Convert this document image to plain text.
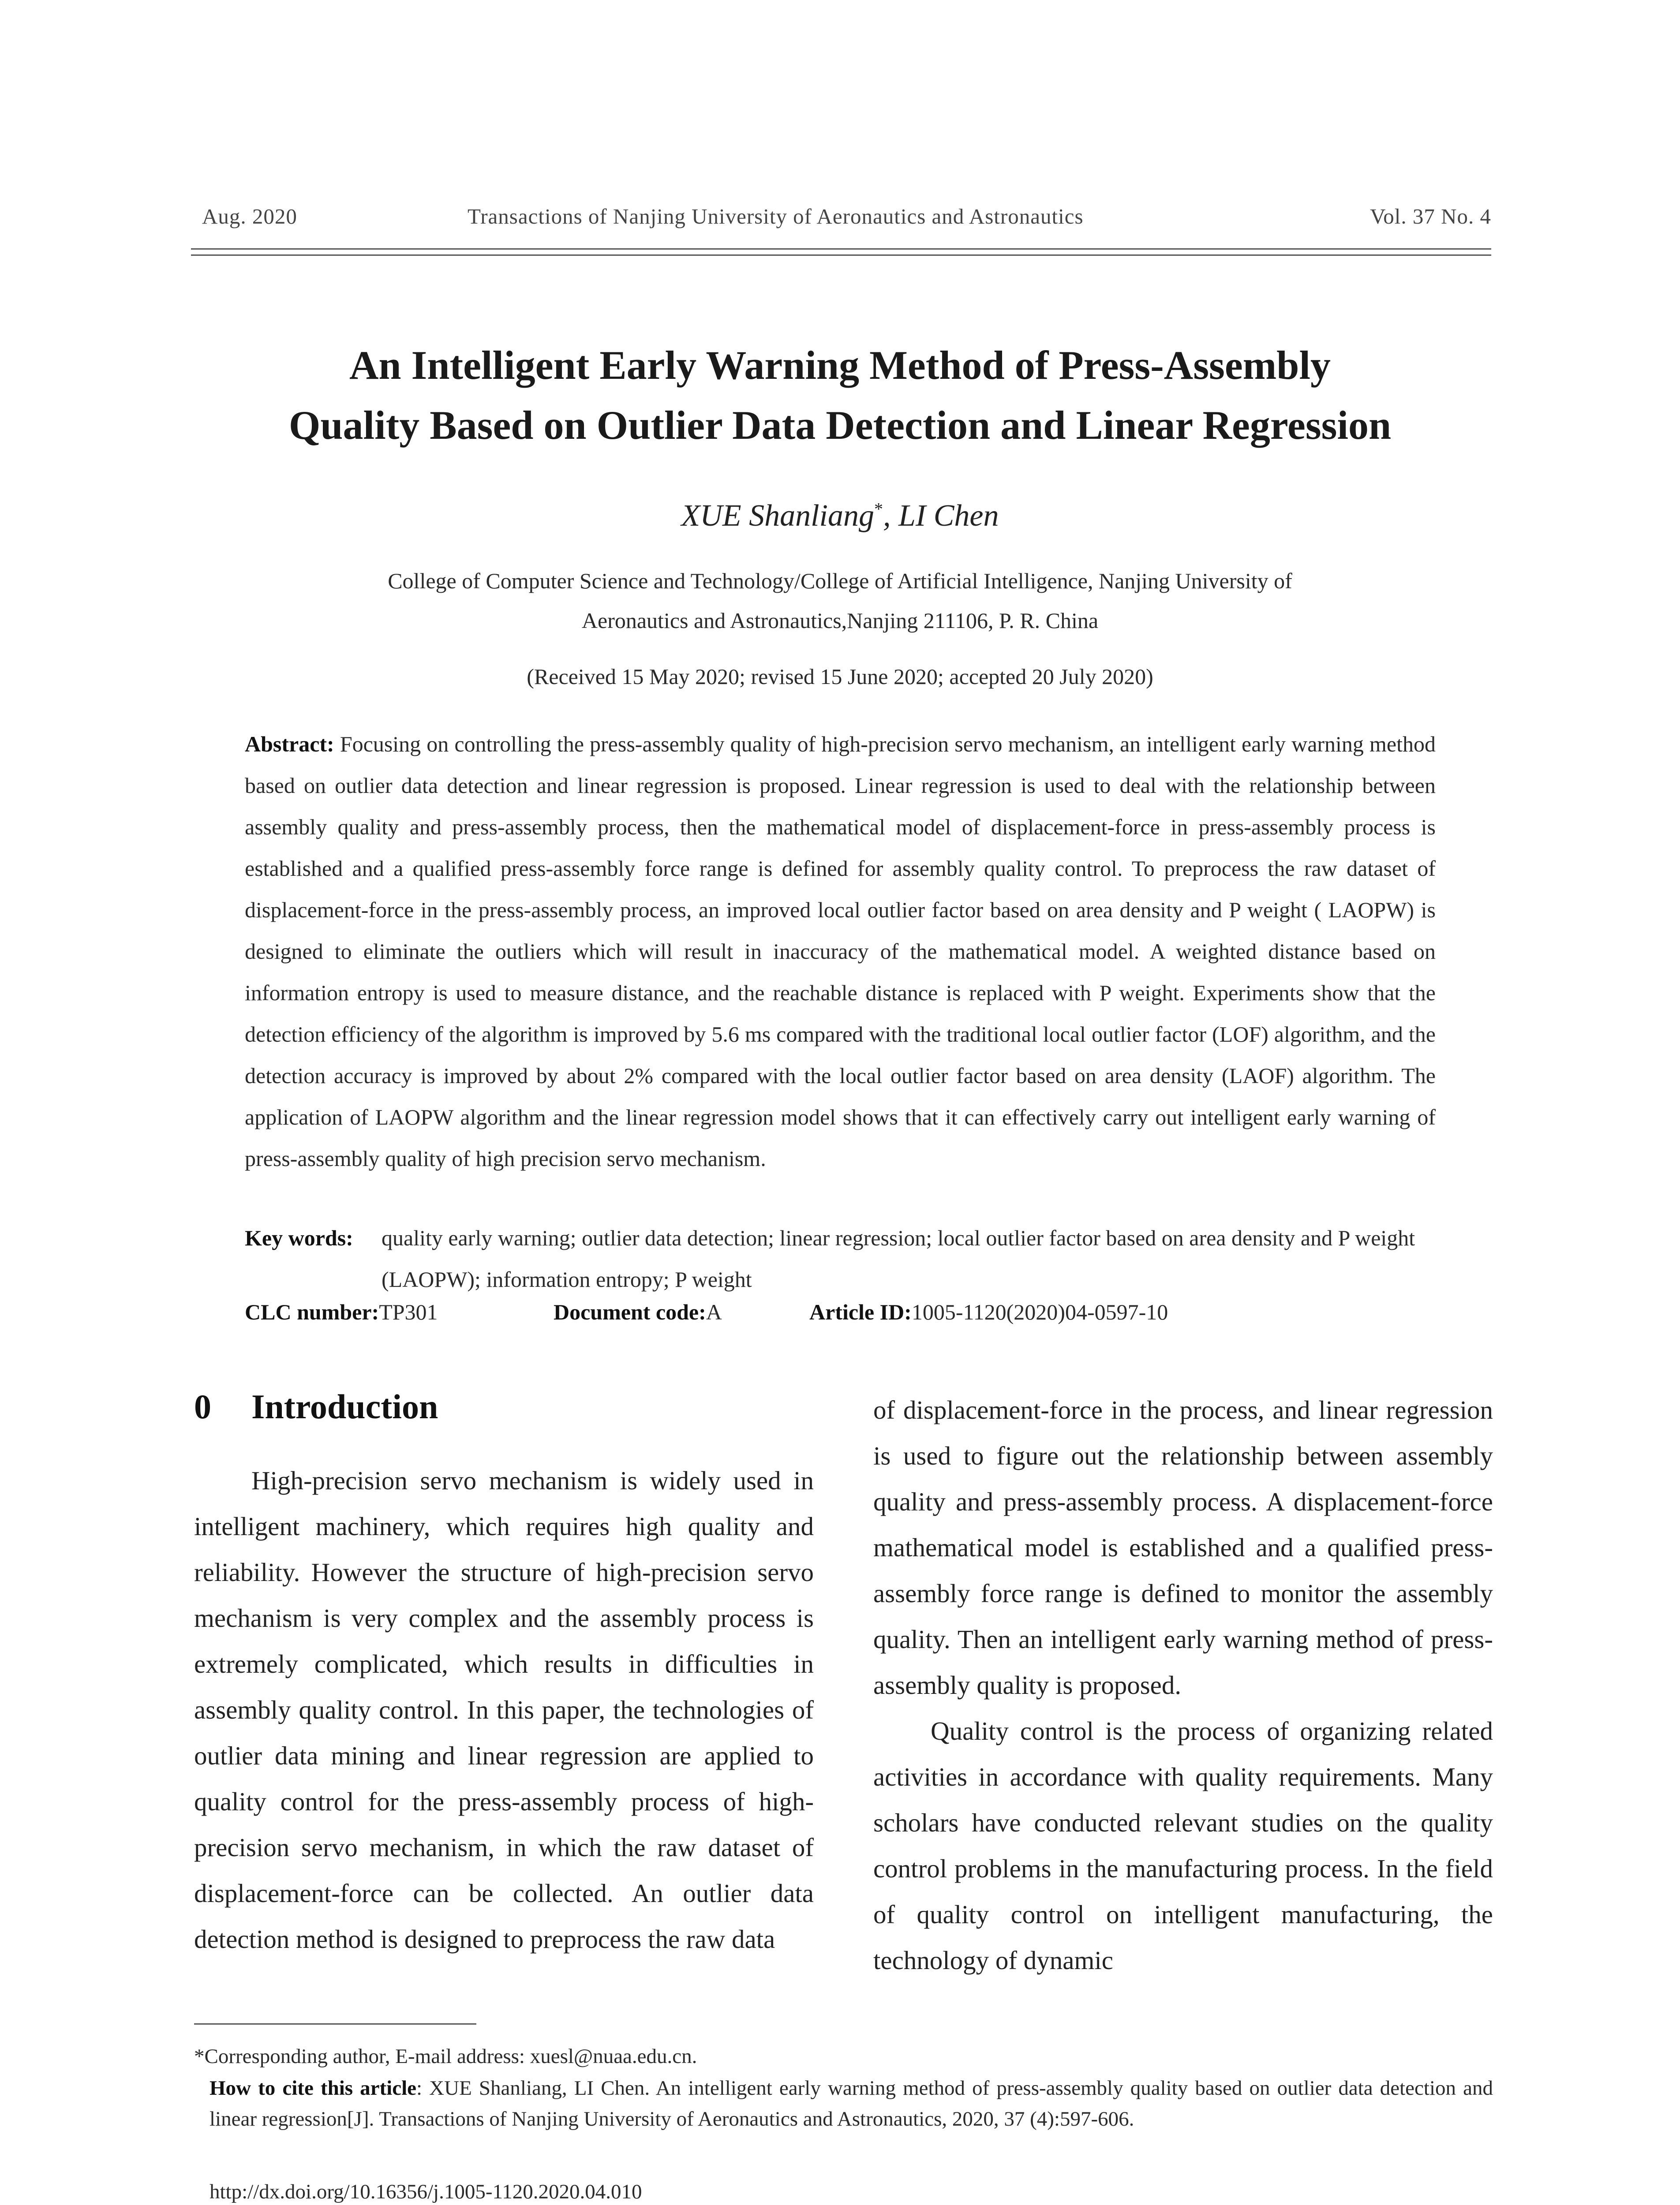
Aug. 2020	Transactions of Nanjing University of Aeronautics and Astronautics	Vol. 37 No. 4
An Intelligent Early Warning Method of Press-Assembly
Quality Based on Outlier Data Detection and Linear Regression
XUE Shanliang*, LI Chen
College of Computer Science and Technology/College of Artificial Intelligence, Nanjing University of
Aeronautics and Astronautics,Nanjing 211106, P. R. China
(Received 15 May 2020; revised 15 June 2020; accepted 20 July 2020)
Abstract: Focusing on controlling the press-assembly quality of high-precision servo mechanism, an intelligent early warning method based on outlier data detection and linear regression is proposed. Linear regression is used to deal with the relationship between assembly quality and press-assembly process, then the mathematical model of displacement-force in press-assembly process is established and a qualified press-assembly force range is defined for assembly quality control. To preprocess the raw dataset of displacement-force in the press-assembly process, an improved local outlier factor based on area density and P weight ( LAOPW) is designed to eliminate the outliers which will result in inaccuracy of the mathematical model. A weighted distance based on information entropy is used to measure distance, and the reachable distance is replaced with P weight. Experiments show that the detection efficiency of the algorithm is improved by 5.6 ms compared with the traditional local outlier factor (LOF) algorithm, and the detection accuracy is improved by about 2% compared with the local outlier factor based on area density (LAOF) algorithm. The application of LAOPW algorithm and the linear regression model shows that it can effectively carry out intelligent early warning of press-assembly quality of high precision servo mechanism.
Key words: quality early warning; outlier data detection; linear regression; local outlier factor based on area density and P weight (LAOPW); information entropy; P weight
CLC number:TP301	Document code:A	Article ID:1005-1120(2020)04-0597-10
0 Introduction

High-precision servo mechanism is widely used in intelligent machinery, which requires high quality and reliability. However the structure of high-precision servo mechanism is very complex and the assembly process is extremely complicated, which results in difficulties in assembly quality control. In this paper, the technologies of outlier data mining and linear regression are applied to quality control for the press-assembly process of high-precision servo mechanism, in which the raw dataset of displacement-force can be collected. An outlier data detection method is designed to preprocess the raw data

of displacement-force in the process, and linear regression is used to figure out the relationship between assembly quality and press-assembly process. A displacement-force mathematical model is established and a qualified press-assembly force range is defined to monitor the assembly quality. Then an intelligent early warning method of press-assembly quality is proposed.

Quality control is the process of organizing related activities in accordance with quality requirements. Many scholars have conducted relevant studies on the quality control problems in the manufacturing process. In the field of quality control on intelligent manufacturing, the technology of dynamic

*Corresponding author, E-mail address: xuesl@nuaa.edu.cn.
How to cite this article: XUE Shanliang, LI Chen. An intelligent early warning method of press-assembly quality based on outlier data detection and linear regression[J]. Transactions of Nanjing University of Aeronautics and Astronautics, 2020, 37 (4):597-606.
http://dx.doi.org/10.16356/j.1005-1120.2020.04.010
